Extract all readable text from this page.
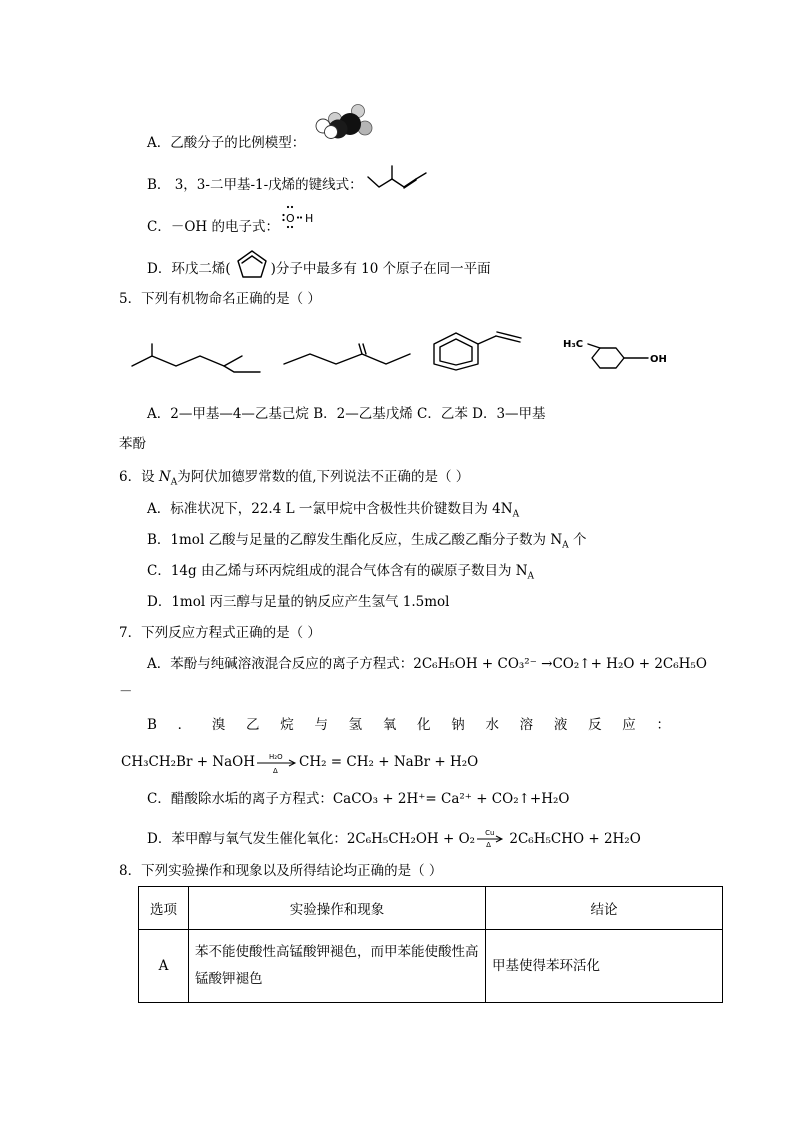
A．乙酸分子的比例模型：
B． 3，3-二甲基-1-戊烯的键线式：
C．－OH 的电子式：
O H
D．环戊二烯(	)分子中最多有 10 个原子在同一平面
5．下列有机物命名正确的是（ ）
H₃C
OH
A．2—甲基—4—乙基己烷 B．2—乙基戊烯 C．乙苯 D．3—甲基
苯酚
6．设 $N_A$为阿伏加德罗常数的值,下列说法不正确的是（ ）
A．标准状况下，22.4 L 一氯甲烷中含极性共价键数目为 $4N_A$
B．1mol 乙酸与足量的乙醇发生酯化反应，生成乙酸乙酯分子数为 $N_A$ 个
C．14g 由乙烯与环丙烷组成的混合气体含有的碳原子数目为 $N_A$
D．1mol 丙三醇与足量的钠反应产生氢气 1.5mol
7．下列反应方程式正确的是（ ）
A．苯酚与纯碱溶液混合反应的离子方程式：2C₆H₅OH + CO₃²⁻ →CO₂↑+ H₂O + 2C₆H₅O
－
B ． 溴 乙 烷 与 氢 氧 化 钠 水 溶 液 反 应 ：
CH₃CH₂Br + NaOH H₂O
Δ
CH₂ = CH₂ + NaBr + H₂O
C．醋酸除水垢的离子方程式：CaCO₃ + 2H⁺= Ca²⁺ + CO₂↑+H₂O
D．苯甲醇与氧气发生催化氧化：2C₆H₅CH₂OH + O₂ Cu
Δ 2C₆H₅CHO + 2H₂O
8．下列实验操作和现象以及所得结论均正确的是（ ）
选项	实验操作和现象	结论
A	苯不能使酸性高锰酸钾褪色，而甲苯能使酸性高锰酸钾褪色	甲基使得苯环活化
